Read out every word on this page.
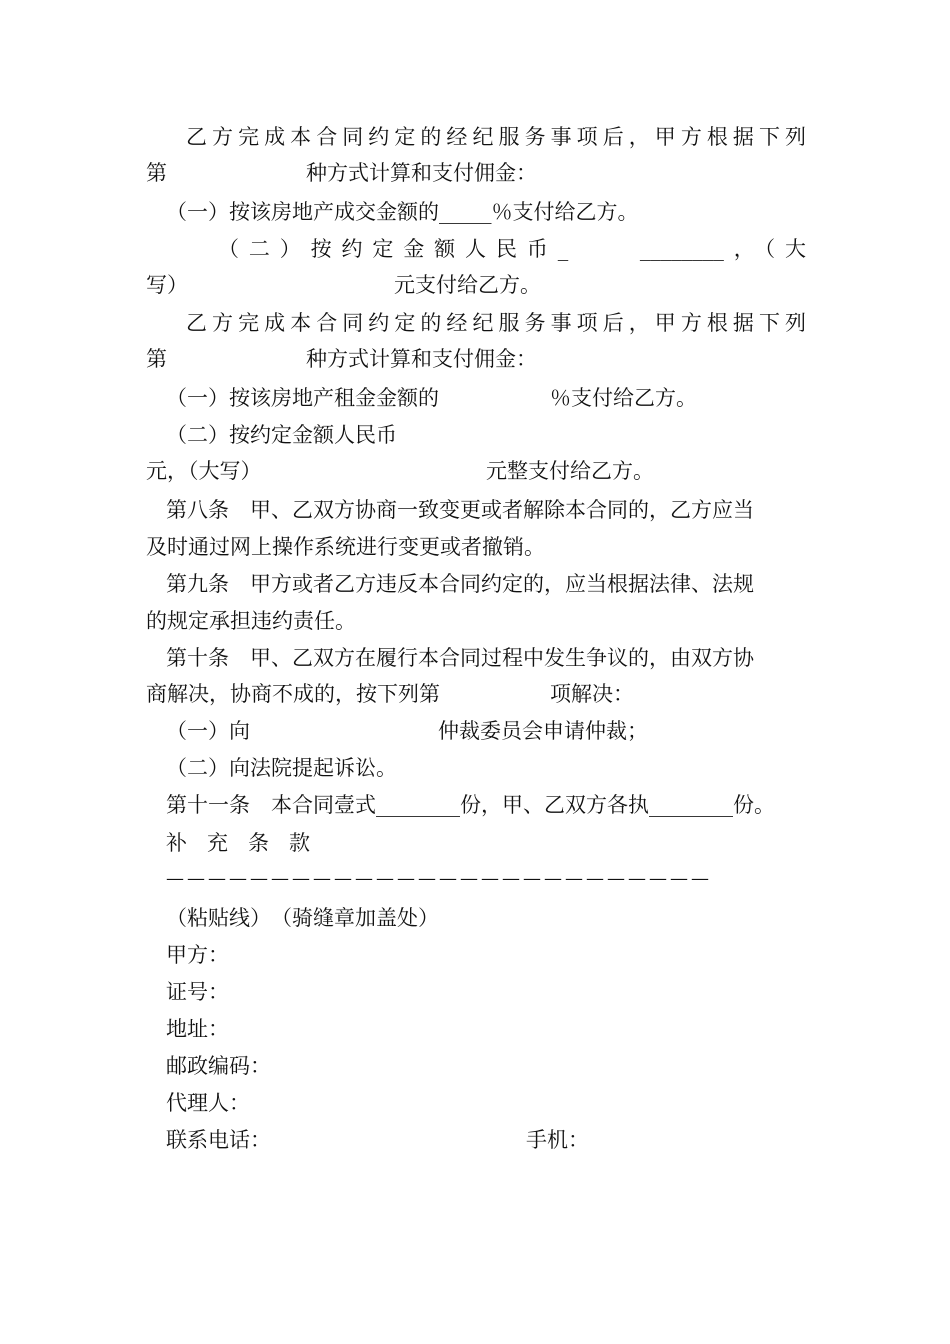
乙方完成本合同约定的经纪服务事项后，甲方根据下列
第	种方式计算和支付佣金：
（一）按该房地产成交金额的_____％支付给乙方。
（二）按约定金额人民币_　　________，（大
写）	元支付给乙方。
乙方完成本合同约定的经纪服务事项后，甲方根据下列
第	种方式计算和支付佣金：
（一）按该房地产租金金额的	％支付给乙方。
（二）按约定金额人民币
元，（大写）	元整支付给乙方。
第八条　甲、乙双方协商一致变更或者解除本合同的，乙方应当
及时通过网上操作系统进行变更或者撤销。
第九条　甲方或者乙方违反本合同约定的，应当根据法律、法规
的规定承担违约责任。
第十条　甲、乙双方在履行本合同过程中发生争议的，由双方协
商解决，协商不成的，按下列第	项解决：
（一）向	仲裁委员会申请仲裁；
（二）向法院提起诉讼。
第十一条　本合同壹式________份，甲、乙双方各执________份。
补充条款
——————————————————————————
（粘贴线）　（骑缝章加盖处）
甲方：
证号：
地址：
邮政编码：
代理人：
联系电话：	手机：
